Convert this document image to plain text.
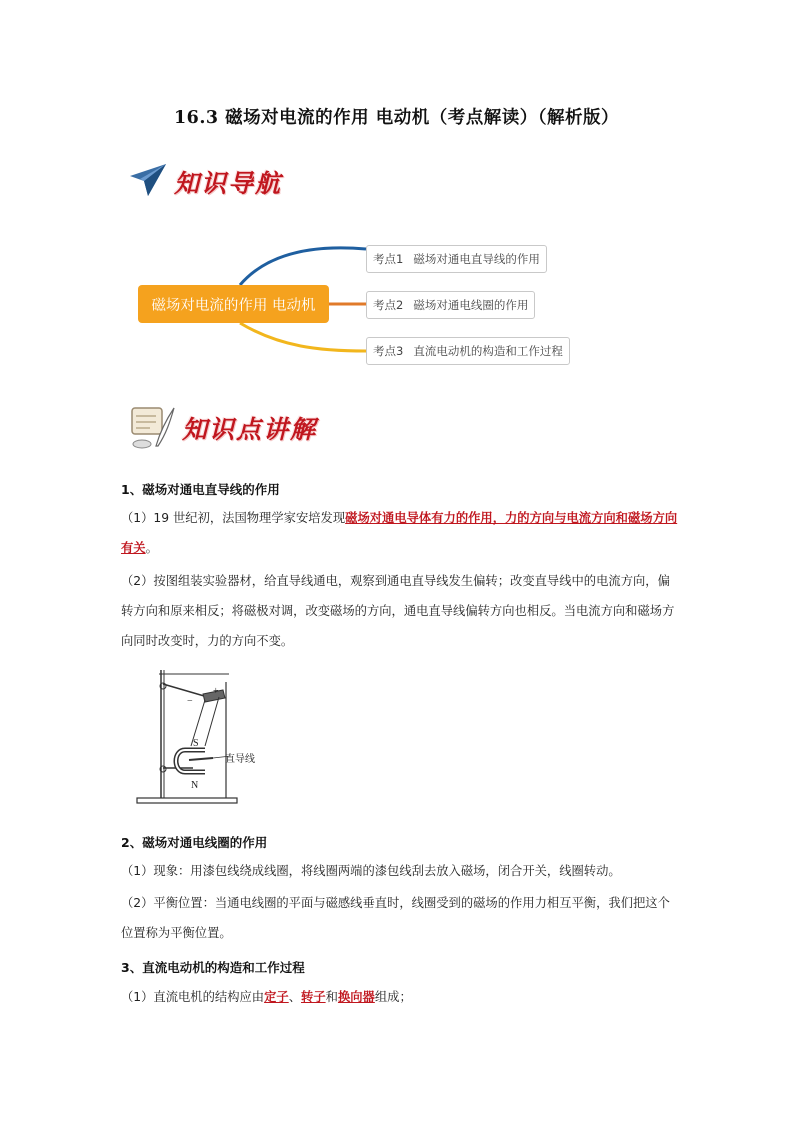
16.3 磁场对电流的作用 电动机（考点解读）（解析版）
知识导航
磁场对电流的作用 电动机
考点1 磁场对通电直导线的作用
考点2 磁场对通电线圈的作用
考点3 直流电动机的构造和工作过程
知识点讲解
1、磁场对通电直导线的作用
（1）19 世纪初，法国物理学家安培发现磁场对通电导体有力的作用，力的方向与电流方向和磁场方向有关。
（2）按图组装实验器材，给直导线通电，观察到通电直导线发生偏转；改变直导线中的电流方向，偏转方向和原来相反；将磁极对调，改变磁场的方向，通电直导线偏转方向也相反。当电流方向和磁场方向同时改变时，力的方向不变。
S
N
+
−
直导线
2、磁场对通电线圈的作用
（1）现象：用漆包线绕成线圈，将线圈两端的漆包线刮去放入磁场，闭合开关，线圈转动。
（2）平衡位置：当通电线圈的平面与磁感线垂直时，线圈受到的磁场的作用力相互平衡，我们把这个位置称为平衡位置。
3、直流电动机的构造和工作过程
（1）直流电机的结构应由定子、转子和换向器组成；
